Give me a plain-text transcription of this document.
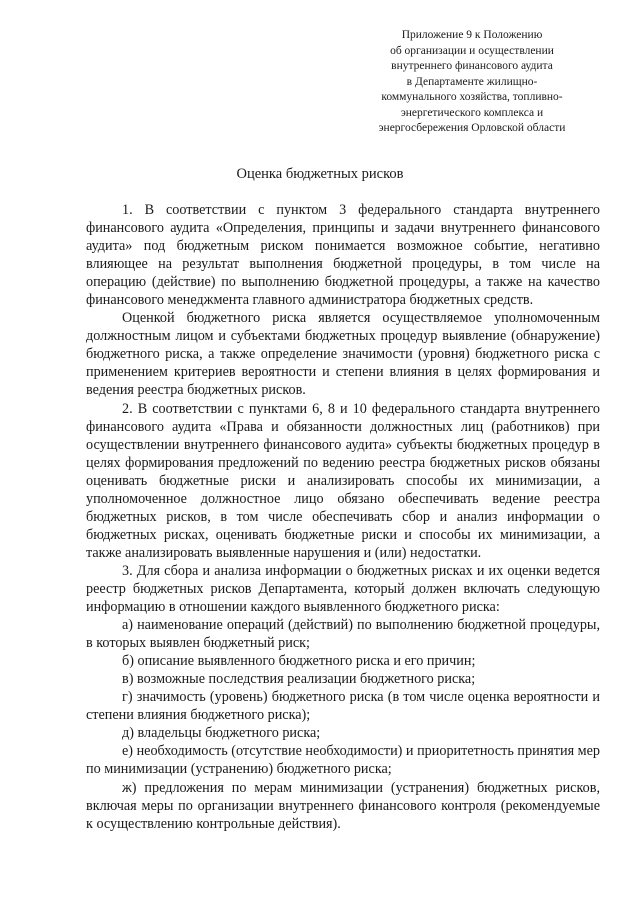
Приложение 9 к Положению
об организации и осуществлении
внутреннего финансового аудита
в Департаменте жилищно-
коммунального хозяйства, топливно-
энергетического комплекса и
энергосбережения Орловской области
Оценка бюджетных рисков

1. В соответствии с пунктом 3 федерального стандарта внутреннего финансового аудита «Определения, принципы и задачи внутреннего финансового аудита» под бюджетным риском понимается возможное событие, негативно влияющее на результат выполнения бюджетной процедуры, в том числе на операцию (действие) по выполнению бюджетной процедуры, а также на качество финансового менеджмента главного администратора бюджетных средств.

Оценкой бюджетного риска является осуществляемое уполномоченным должностным лицом и субъектами бюджетных процедур выявление (обнаружение) бюджетного риска, а также определение значимости (уровня) бюджетного риска с применением критериев вероятности и степени влияния в целях формирования и ведения реестра бюджетных рисков.

2. В соответствии с пунктами 6, 8 и 10 федерального стандарта внутреннего финансового аудита «Права и обязанности должностных лиц (работников) при осуществлении внутреннего финансового аудита» субъекты бюджетных процедур в целях формирования предложений по ведению реестра бюджетных рисков обязаны оценивать бюджетные риски и анализировать способы их минимизации, а уполномоченное должностное лицо обязано обеспечивать ведение реестра бюджетных рисков, в том числе обеспечивать сбор и анализ информации о бюджетных рисках, оценивать бюджетные риски и способы их минимизации, а также анализировать выявленные нарушения и (или) недостатки.

3. Для сбора и анализа информации о бюджетных рисках и их оценки ведется реестр бюджетных рисков Департамента, который должен включать следующую информацию в отношении каждого выявленного бюджетного риска:

а) наименование операций (действий) по выполнению бюджетной процедуры, в которых выявлен бюджетный риск;

б) описание выявленного бюджетного риска и его причин;

в) возможные последствия реализации бюджетного риска;

г) значимость (уровень) бюджетного риска (в том числе оценка вероятности и степени влияния бюджетного риска);

д) владельцы бюджетного риска;

е) необходимость (отсутствие необходимости) и приоритетность принятия мер по минимизации (устранению) бюджетного риска;

ж) предложения по мерам минимизации (устранения) бюджетных рисков, включая меры по организации внутреннего финансового контроля (рекомендуемые к осуществлению контрольные действия).
